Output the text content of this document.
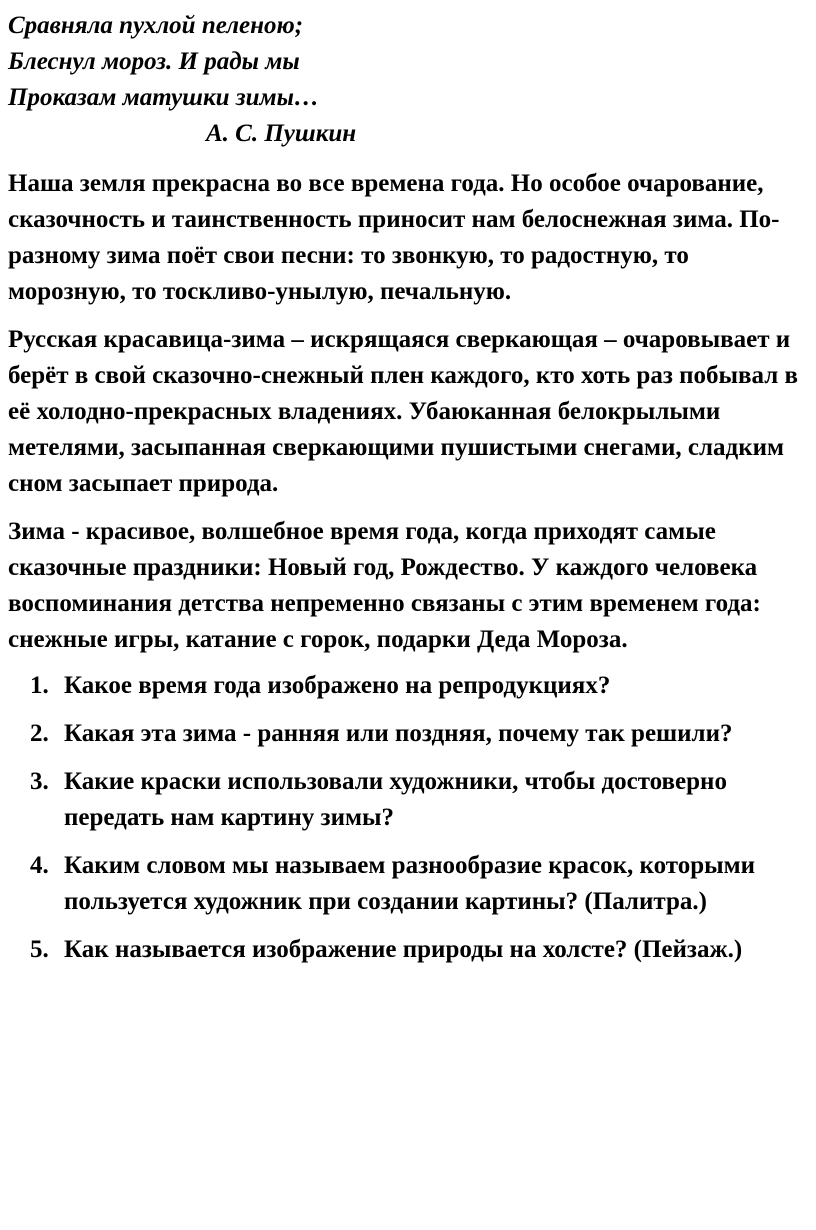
Сравняла пухлой пеленою;
Блеснул мороз. И рады мы
Проказам матушки зимы…
А. С. Пушкин

Наша земля прекрасна во все времена года. Но особое очарование, сказочность и таинственность приносит нам белоснежная зима. По-разному зима поёт свои песни: то звонкую, то радостную, то морозную, то тоскливо-унылую, печальную.

Русская красавица-зима – искрящаяся сверкающая – очаровывает и берёт в свой сказочно-снежный плен каждого, кто хоть раз побывал в её холодно-прекрасных владениях. Убаюканная белокрылыми метелями, засыпанная сверкающими пушистыми снегами, сладким сном засыпает природа.

Зима - красивое, волшебное время года, когда приходят самые сказочные праздники: Новый год, Рождество. У каждого человека воспоминания детства непременно связаны с этим временем года: снежные игры, катание с горок, подарки Деда Мороза.

1. Какое время года изображено на репродукциях?
2. Какая эта зима - ранняя или поздняя, почему так решили?
3. Какие краски использовали художники, чтобы достоверно передать нам картину зимы?
4. Каким словом мы называем разнообразие красок, которыми пользуется художник при создании картины? (Палитра.)
5. Как называется изображение природы на холсте? (Пейзаж.)
